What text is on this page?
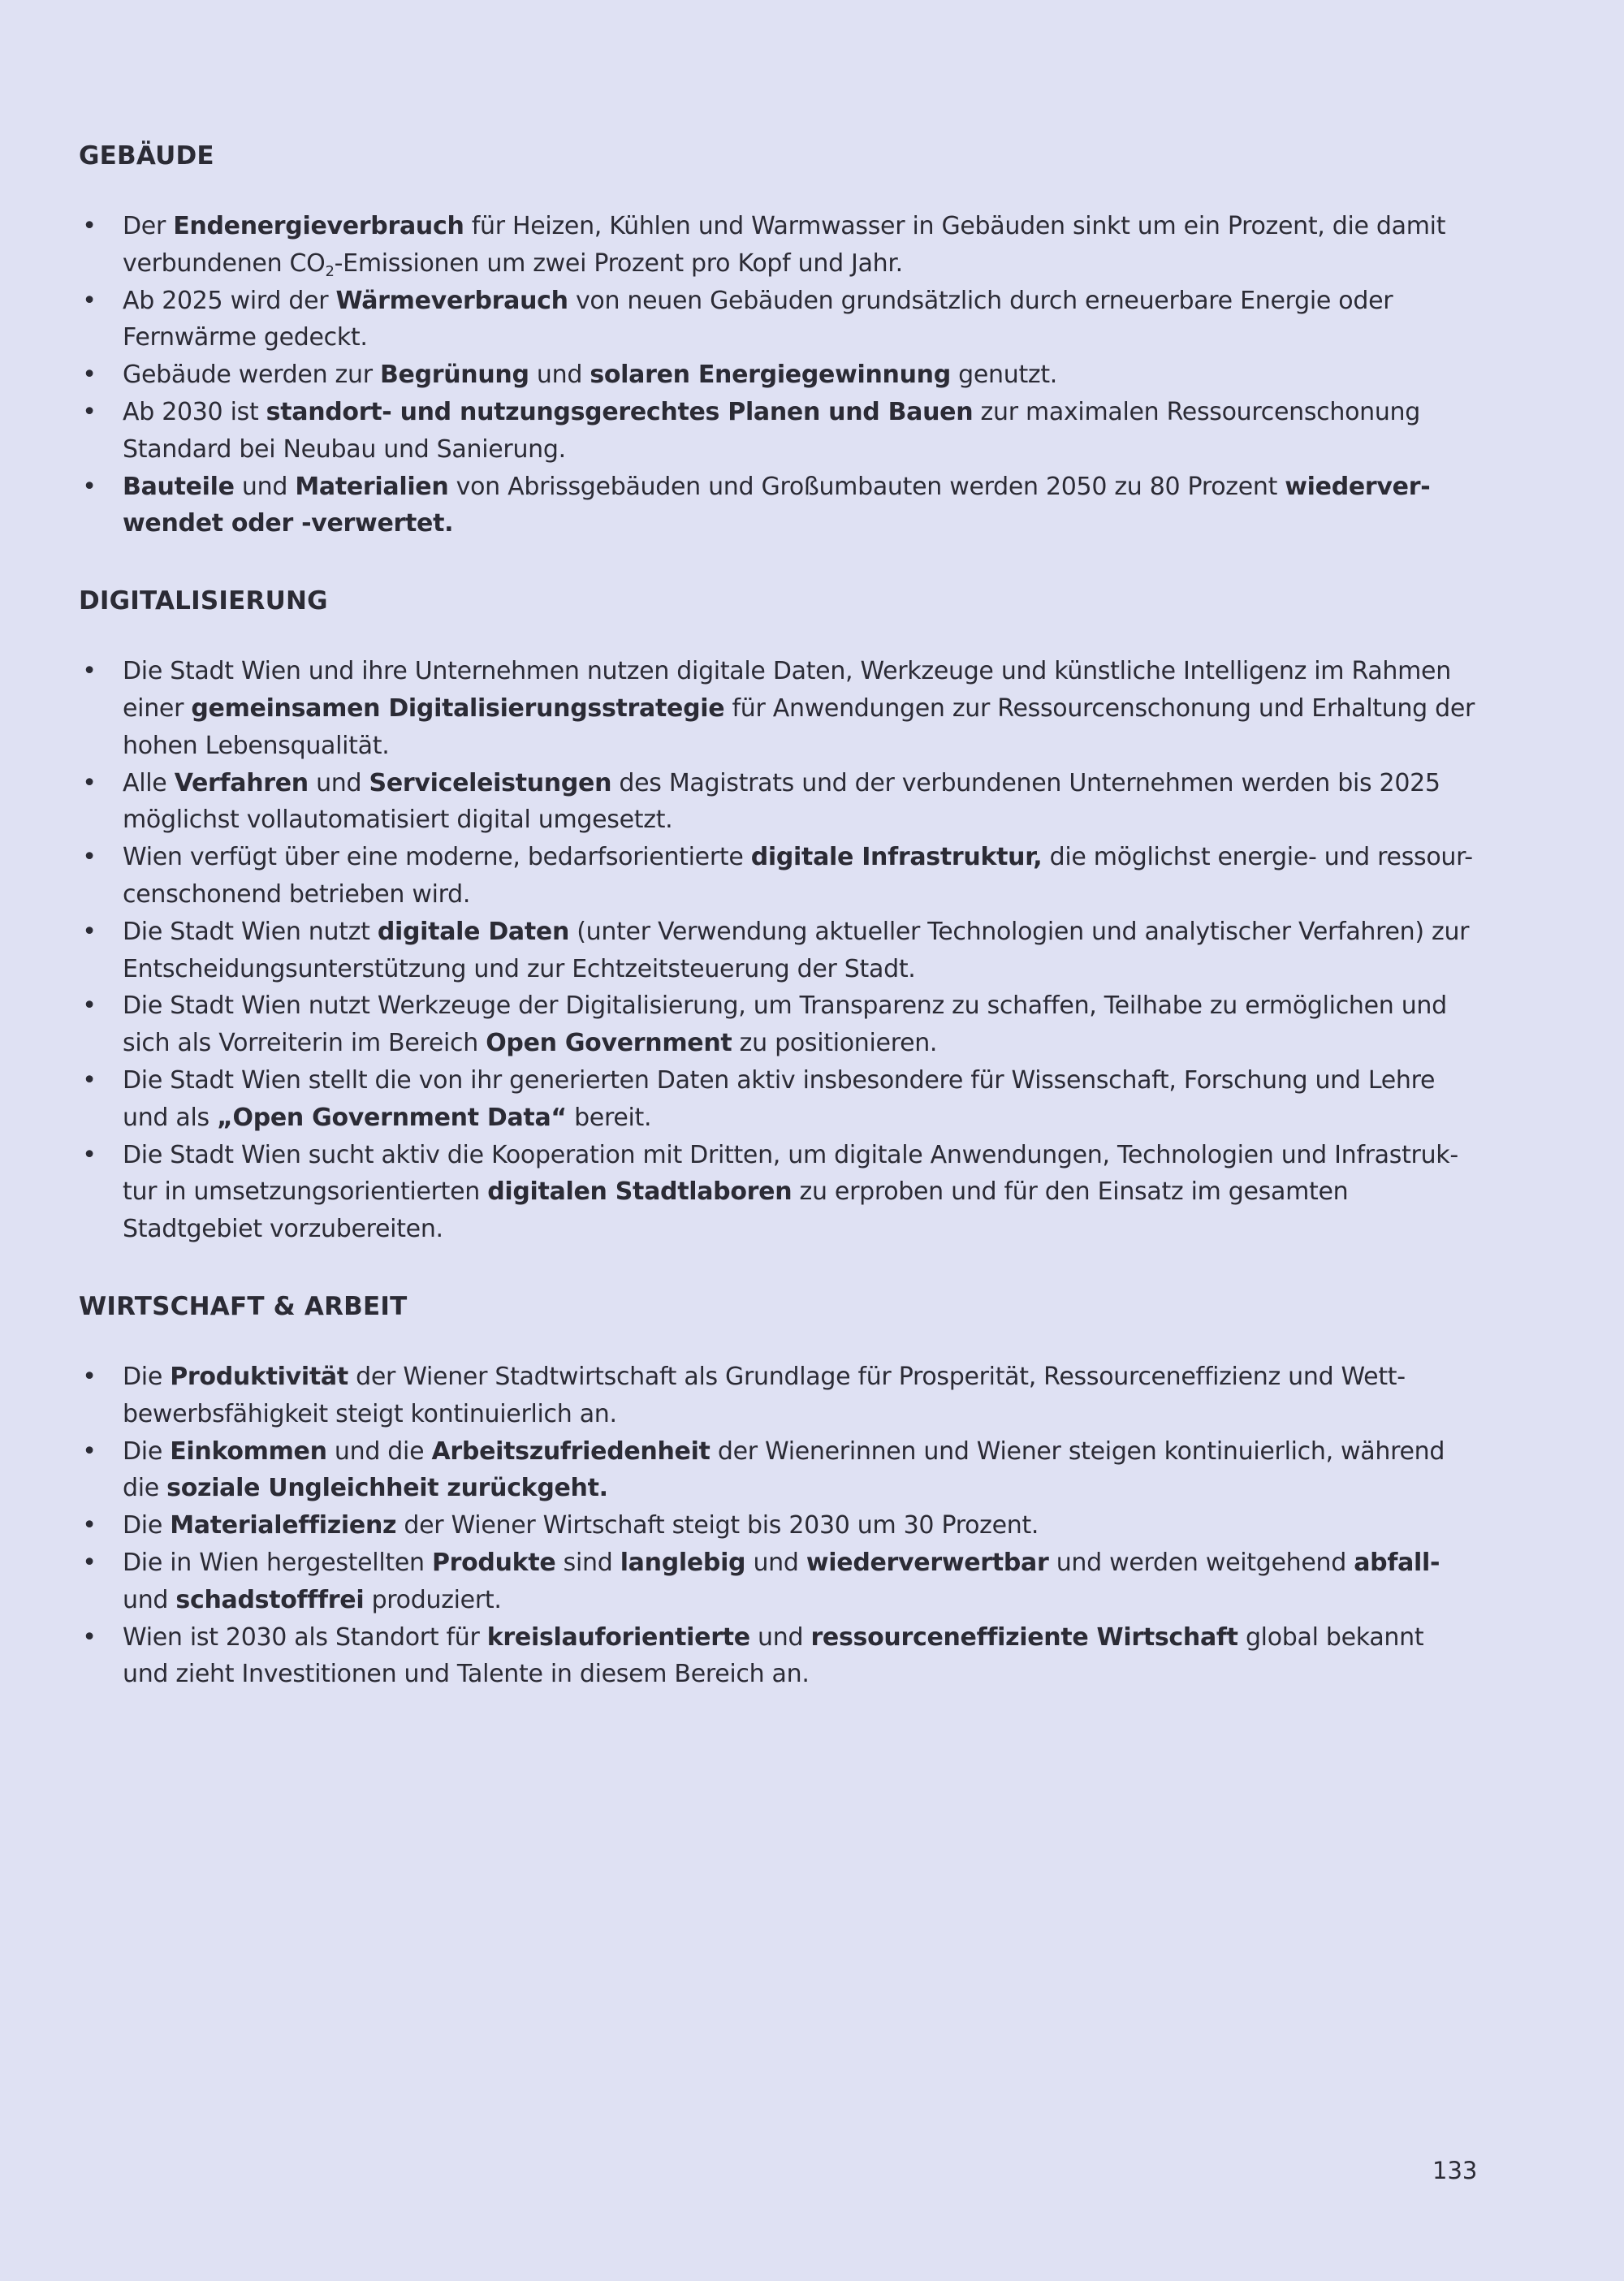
GEBÄUDE
• Der Endenergieverbrauch für Heizen, Kühlen und Warmwasser in Gebäuden sinkt um ein Prozent, die damit verbundenen $CO_2$-Emissionen um zwei Prozent pro Kopf und Jahr.
• Ab 2025 wird der Wärmeverbrauch von neuen Gebäuden grundsätzlich durch erneuerbare Energie oder Fernwärme gedeckt.
• Gebäude werden zur Begrünung und solaren Energiegewinnung genutzt.
• Ab 2030 ist standort- und nutzungsgerechtes Planen und Bauen zur maximalen Ressourcenschonung Standard bei Neubau und Sanierung.
• Bauteile und Materialien von Abrissgebäuden und Großumbauten werden 2050 zu 80 Prozent wiederver-wendet oder -verwertet.
DIGITALISIERUNG
• Die Stadt Wien und ihre Unternehmen nutzen digitale Daten, Werkzeuge und künstliche Intelligenz im Rahmen einer gemeinsamen Digitalisierungsstrategie für Anwendungen zur Ressourcenschonung und Erhaltung der hohen Lebensqualität.
• Alle Verfahren und Serviceleistungen des Magistrats und der verbundenen Unternehmen werden bis 2025 möglichst vollautomatisiert digital umgesetzt.
• Wien verfügt über eine moderne, bedarfsorientierte digitale Infrastruktur, die möglichst energie- und ressour-censchonend betrieben wird.
• Die Stadt Wien nutzt digitale Daten (unter Verwendung aktueller Technologien und analytischer Verfahren) zur Entscheidungsunterstützung und zur Echtzeitsteuerung der Stadt.
• Die Stadt Wien nutzt Werkzeuge der Digitalisierung, um Transparenz zu schaffen, Teilhabe zu ermöglichen und sich als Vorreiterin im Bereich Open Government zu positionieren.
• Die Stadt Wien stellt die von ihr generierten Daten aktiv insbesondere für Wissenschaft, Forschung und Lehre und als „Open Government Data“ bereit.
• Die Stadt Wien sucht aktiv die Kooperation mit Dritten, um digitale Anwendungen, Technologien und Infrastruk-tur in umsetzungsorientierten digitalen Stadtlaboren zu erproben und für den Einsatz im gesamten Stadtgebiet vorzubereiten.
WIRTSCHAFT & ARBEIT
• Die Produktivität der Wiener Stadtwirtschaft als Grundlage für Prosperität, Ressourceneffizienz und Wett-bewerbsfähigkeit steigt kontinuierlich an.
• Die Einkommen und die Arbeitszufriedenheit der Wienerinnen und Wiener steigen kontinuierlich, während die soziale Ungleichheit zurückgeht.
• Die Materialeffizienz der Wiener Wirtschaft steigt bis 2030 um 30 Prozent.
• Die in Wien hergestellten Produkte sind langlebig und wiederverwertbar und werden weitgehend abfall- und schadstofffrei produziert.
• Wien ist 2030 als Standort für kreislauforientierte und ressourceneffiziente Wirtschaft global bekannt und zieht Investitionen und Talente in diesem Bereich an.
133
